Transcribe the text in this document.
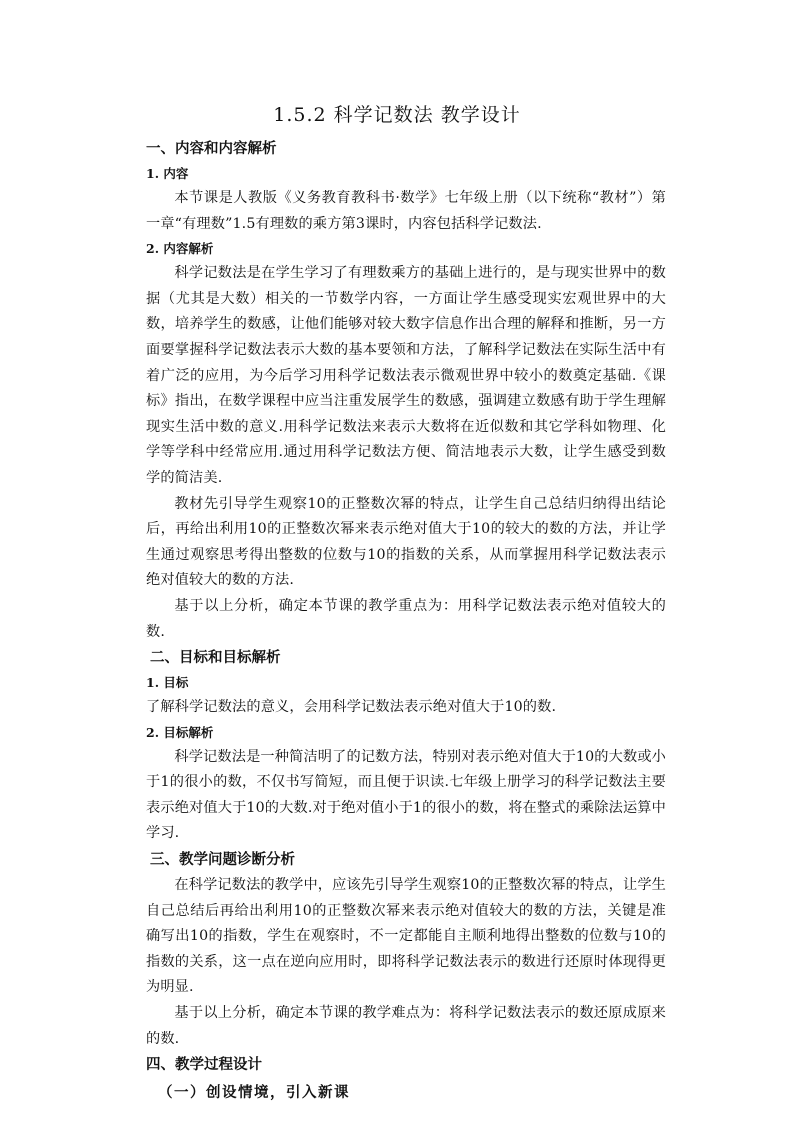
1.5.2 科学记数法 教学设计
一、内容和内容解析
1. 内容

本节课是人教版《义务教育教科书·数学》七年级上册（以下统称“教材”）第一章“有理数”1.5有理数的乘方第3课时，内容包括科学记数法.

2. 内容解析

科学记数法是在学生学习了有理数乘方的基础上进行的，是与现实世界中的数据（尤其是大数）相关的一节数学内容，一方面让学生感受现实宏观世界中的大数，培养学生的数感，让他们能够对较大数字信息作出合理的解释和推断，另一方面要掌握科学记数法表示大数的基本要领和方法，了解科学记数法在实际生活中有着广泛的应用，为今后学习用科学记数法表示微观世界中较小的数奠定基础.《课标》指出，在数学课程中应当注重发展学生的数感，强调建立数感有助于学生理解现实生活中数的意义.用科学记数法来表示大数将在近似数和其它学科如物理、化学等学科中经常应用.通过用科学记数法方便、简洁地表示大数，让学生感受到数学的简洁美.

教材先引导学生观察10的正整数次幂的特点，让学生自己总结归纳得出结论后，再给出利用10的正整数次幂来表示绝对值大于10的较大的数的方法，并让学生通过观察思考得出整数的位数与10的指数的关系，从而掌握用科学记数法表示绝对值较大的数的方法.

基于以上分析，确定本节课的教学重点为：用科学记数法表示绝对值较大的数.

二、目标和目标解析
1. 目标

了解科学记数法的意义，会用科学记数法表示绝对值大于10的数.

2. 目标解析

科学记数法是一种简洁明了的记数方法，特别对表示绝对值大于10的大数或小于1的很小的数，不仅书写简短，而且便于识读.七年级上册学习的科学记数法主要表示绝对值大于10的大数.对于绝对值小于1的很小的数，将在整式的乘除法运算中学习.

三、教学问题诊断分析

在科学记数法的教学中，应该先引导学生观察10的正整数次幂的特点，让学生自己总结后再给出利用10的正整数次幂来表示绝对值较大的数的方法，关键是准确写出10的指数，学生在观察时，不一定都能自主顺利地得出整数的位数与10的指数的关系，这一点在逆向应用时，即将科学记数法表示的数进行还原时体现得更为明显.

基于以上分析，确定本节课的教学难点为：将科学记数法表示的数还原成原来的数.

四、教学过程设计
（一）创设情境，引入新课
